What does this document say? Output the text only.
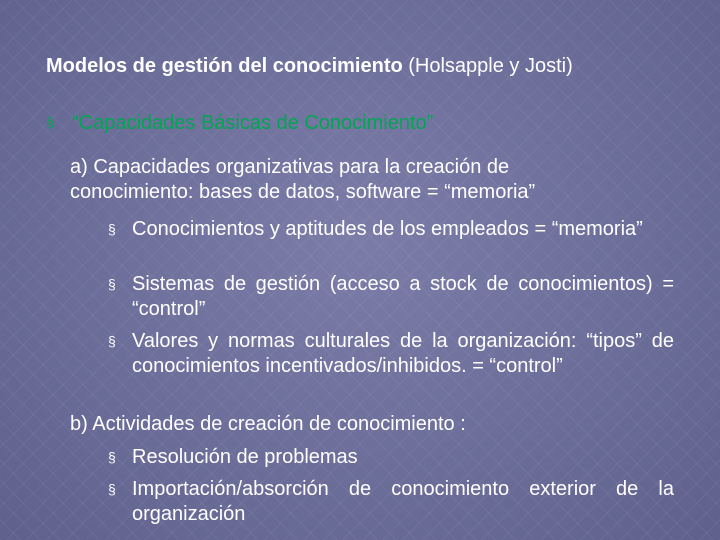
Modelos de gestión del conocimiento (Holsapple y Josti)
§ “Capacidades Básicas de Conocimiento”
a) Capacidades organizativas para la creación de
conocimiento: bases de datos, software = “memoria”
§ Conocimientos y aptitudes de los empleados = “memoria”
§ Sistemas de gestión (acceso a stock de conocimientos) = “control”
§ Valores y normas culturales de la organización: “tipos” de conocimientos incentivados/inhibidos. = “control”
b) Actividades de creación de conocimiento :
§ Resolución de problemas
§ Importación/absorción de conocimiento exterior de la organización
